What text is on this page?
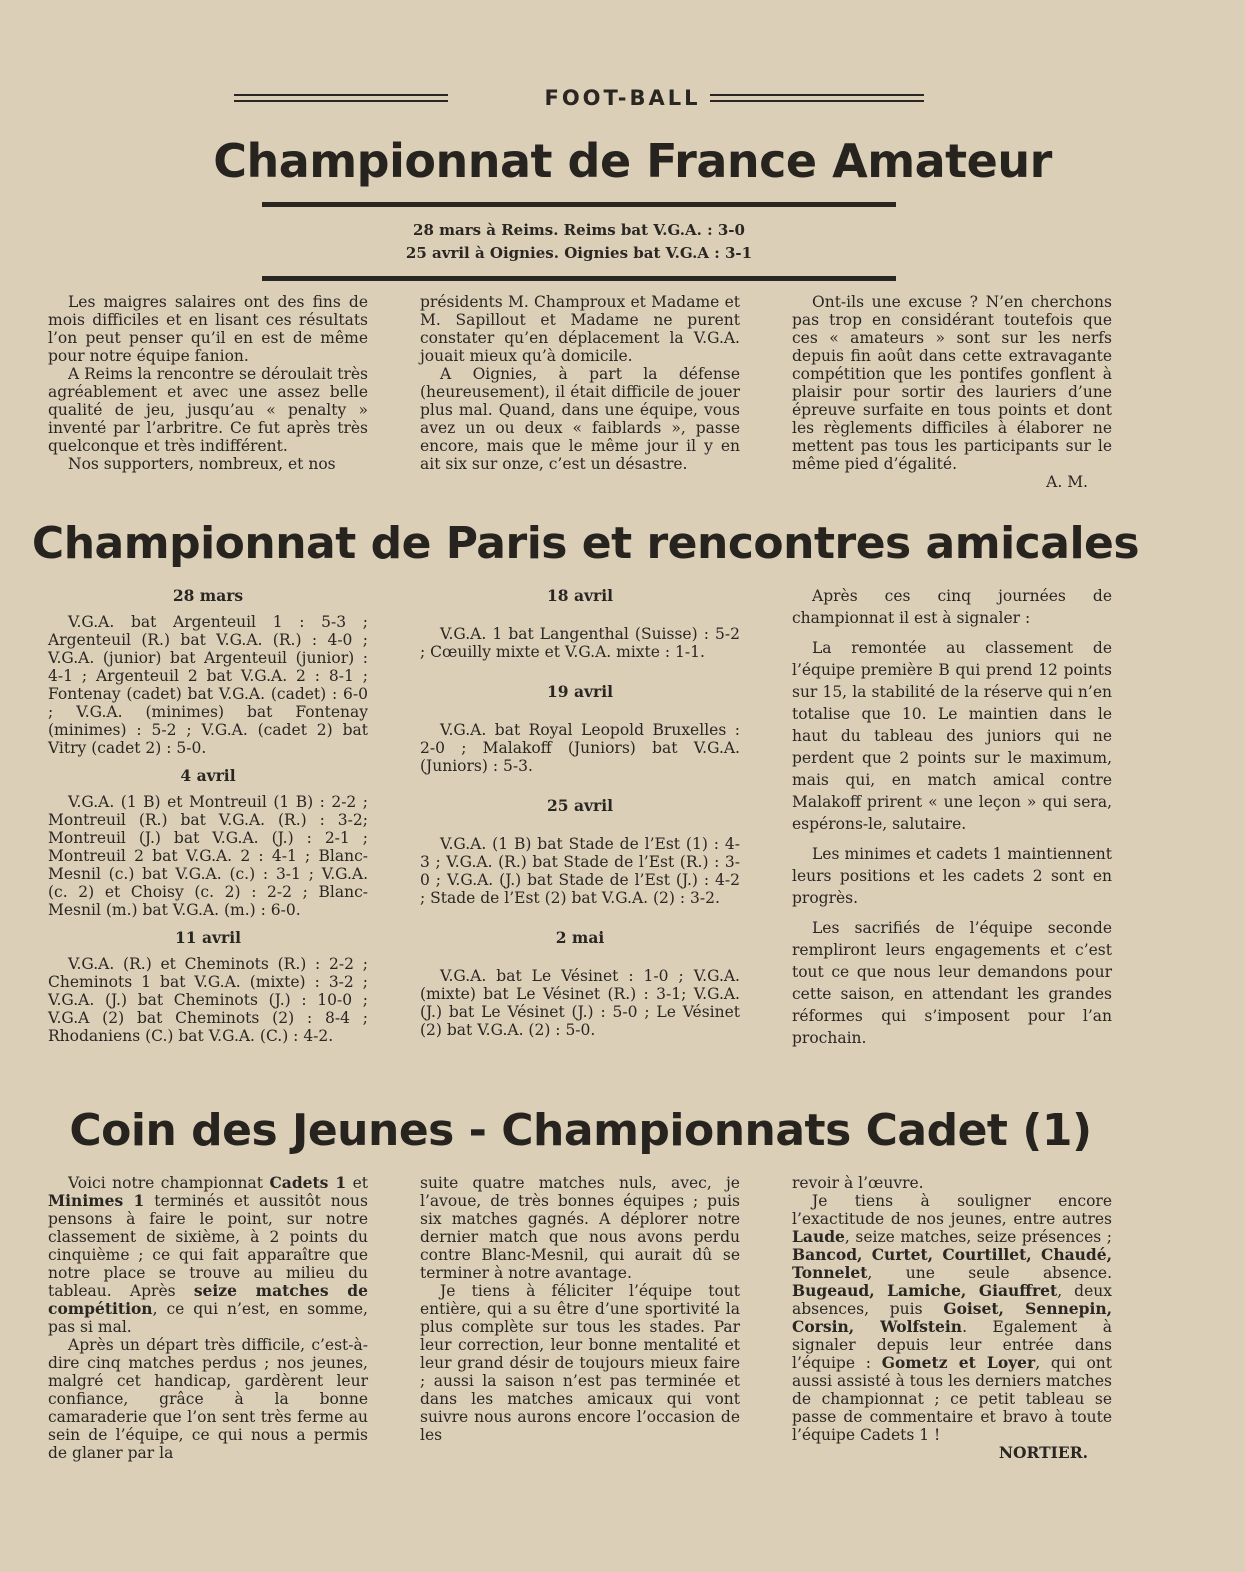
FOOT-BALL
Championnat de France Amateur
28 mars à Reims. Reims bat V.G.A. : 3-0
25 avril à Oignies. Oignies bat V.G.A : 3-1

Les maigres salaires ont des fins de mois difficiles et en lisant ces résultats l’on peut penser qu’il en est de même pour notre équipe fanion.

A Reims la rencontre se déroulait très agréablement et avec une assez belle qualité de jeu, jusqu’au « penalty » inventé par l’arbritre. Ce fut après très quelconque et très indifférent.

Nos supporters, nombreux, et nos

présidents M. Champroux et Madame et M. Sapillout et Madame ne purent constater qu’en déplacement la V.G.A. jouait mieux qu’à domicile.

A Oignies, à part la défense (heureusement), il était difficile de jouer plus mal. Quand, dans une équipe, vous avez un ou deux « faiblards », passe encore, mais que le même jour il y en ait six sur onze, c’est un désastre.

Ont-ils une excuse ? N’en cherchons pas trop en considérant toutefois que ces « amateurs » sont sur les nerfs depuis fin août dans cette extravagante compétition que les pontifes gonflent à plaisir pour sortir des lauriers d’une épreuve surfaite en tous points et dont les règlements difficiles à élaborer ne mettent pas tous les participants sur le même pied d’égalité.

A. M.

Championnat de Paris et rencontres amicales

28 mars

V.G.A. bat Argenteuil 1 : 5-3 ; Argenteuil (R.) bat V.G.A. (R.) : 4-0 ; V.G.A. (junior) bat Argenteuil (junior) : 4-1 ; Argenteuil 2 bat V.G.A. 2 : 8-1 ; Fontenay (cadet) bat V.G.A. (cadet) : 6-0 ; V.G.A. (minimes) bat Fontenay (minimes) : 5-2 ; V.G.A. (cadet 2) bat Vitry (cadet 2) : 5-0.

4 avril

V.G.A. (1 B) et Montreuil (1 B) : 2-2 ; Montreuil (R.) bat V.G.A. (R.) : 3-2; Montreuil (J.) bat V.G.A. (J.) : 2-1 ; Montreuil 2 bat V.G.A. 2 : 4-1 ; Blanc-Mesnil (c.) bat V.G.A. (c.) : 3-1 ; V.G.A. (c. 2) et Choisy (c. 2) : 2-2 ; Blanc-Mesnil (m.) bat V.G.A. (m.) : 6-0.

11 avril

V.G.A. (R.) et Cheminots (R.) : 2-2 ; Cheminots 1 bat V.G.A. (mixte) : 3-2 ; V.G.A. (J.) bat Cheminots (J.) : 10-0 ; V.G.A (2) bat Cheminots (2) : 8-4 ; Rhodaniens (C.) bat V.G.A. (C.) : 4-2.

18 avril

V.G.A. 1 bat Langenthal (Suisse) : 5-2 ; Cœuilly mixte et V.G.A. mixte : 1-1.

19 avril

V.G.A. bat Royal Leopold Bruxelles : 2-0 ; Malakoff (Juniors) bat V.G.A. (Juniors) : 5-3.

25 avril

V.G.A. (1 B) bat Stade de l’Est (1) : 4-3 ; V.G.A. (R.) bat Stade de l’Est (R.) : 3-0 ; V.G.A. (J.) bat Stade de l’Est (J.) : 4-2 ; Stade de l’Est (2) bat V.G.A. (2) : 3-2.

2 mai

V.G.A. bat Le Vésinet : 1-0 ; V.G.A. (mixte) bat Le Vésinet (R.) : 3-1; V.G.A. (J.) bat Le Vésinet (J.) : 5-0 ; Le Vésinet (2) bat V.G.A. (2) : 5-0.

Après ces cinq journées de championnat il est à signaler :

La remontée au classement de l’équipe première B qui prend 12 points sur 15, la stabilité de la réserve qui n’en totalise que 10. Le maintien dans le haut du tableau des juniors qui ne perdent que 2 points sur le maximum, mais qui, en match amical contre Malakoff prirent « une leçon » qui sera, espérons-le, salutaire.

Les minimes et cadets 1 maintiennent leurs positions et les cadets 2 sont en progrès.

Les sacrifiés de l’équipe seconde rempliront leurs engagements et c’est tout ce que nous leur demandons pour cette saison, en attendant les grandes réformes qui s’imposent pour l’an prochain.

Coin des Jeunes - Championnats Cadet (1)

Voici notre championnat Cadets 1 et Minimes 1 terminés et aussitôt nous pensons à faire le point, sur notre classement de sixième, à 2 points du cinquième ; ce qui fait apparaître que notre place se trouve au milieu du tableau. Après seize matches de compétition, ce qui n’est, en somme, pas si mal.

Après un départ très difficile, c’est-à-dire cinq matches perdus ; nos jeunes, malgré cet handicap, gardèrent leur confiance, grâce à la bonne camaraderie que l’on sent très ferme au sein de l’équipe, ce qui nous a permis de glaner par la

suite quatre matches nuls, avec, je l’avoue, de très bonnes équipes ; puis six matches gagnés. A déplorer notre dernier match que nous avons perdu contre Blanc-Mesnil, qui aurait dû se terminer à notre avantage.

Je tiens à féliciter l’équipe tout entière, qui a su être d’une sportivité la plus complète sur tous les stades. Par leur correction, leur bonne mentalité et leur grand désir de toujours mieux faire ; aussi la saison n’est pas terminée et dans les matches amicaux qui vont suivre nous aurons encore l’occasion de les

revoir à l’œuvre.

Je tiens à souligner encore l’exactitude de nos jeunes, entre autres Laude, seize matches, seize présences ; Bancod, Curtet, Courtillet, Chaudé, Tonnelet, une seule absence. Bugeaud, Lamiche, Giauffret, deux absences, puis Goiset, Sennepin, Corsin, Wolfstein. Egalement à signaler depuis leur entrée dans l’équipe : Gometz et Loyer, qui ont aussi assisté à tous les derniers matches de championnat ; ce petit tableau se passe de commentaire et bravo à toute l’équipe Cadets 1 !

NORTIER.
